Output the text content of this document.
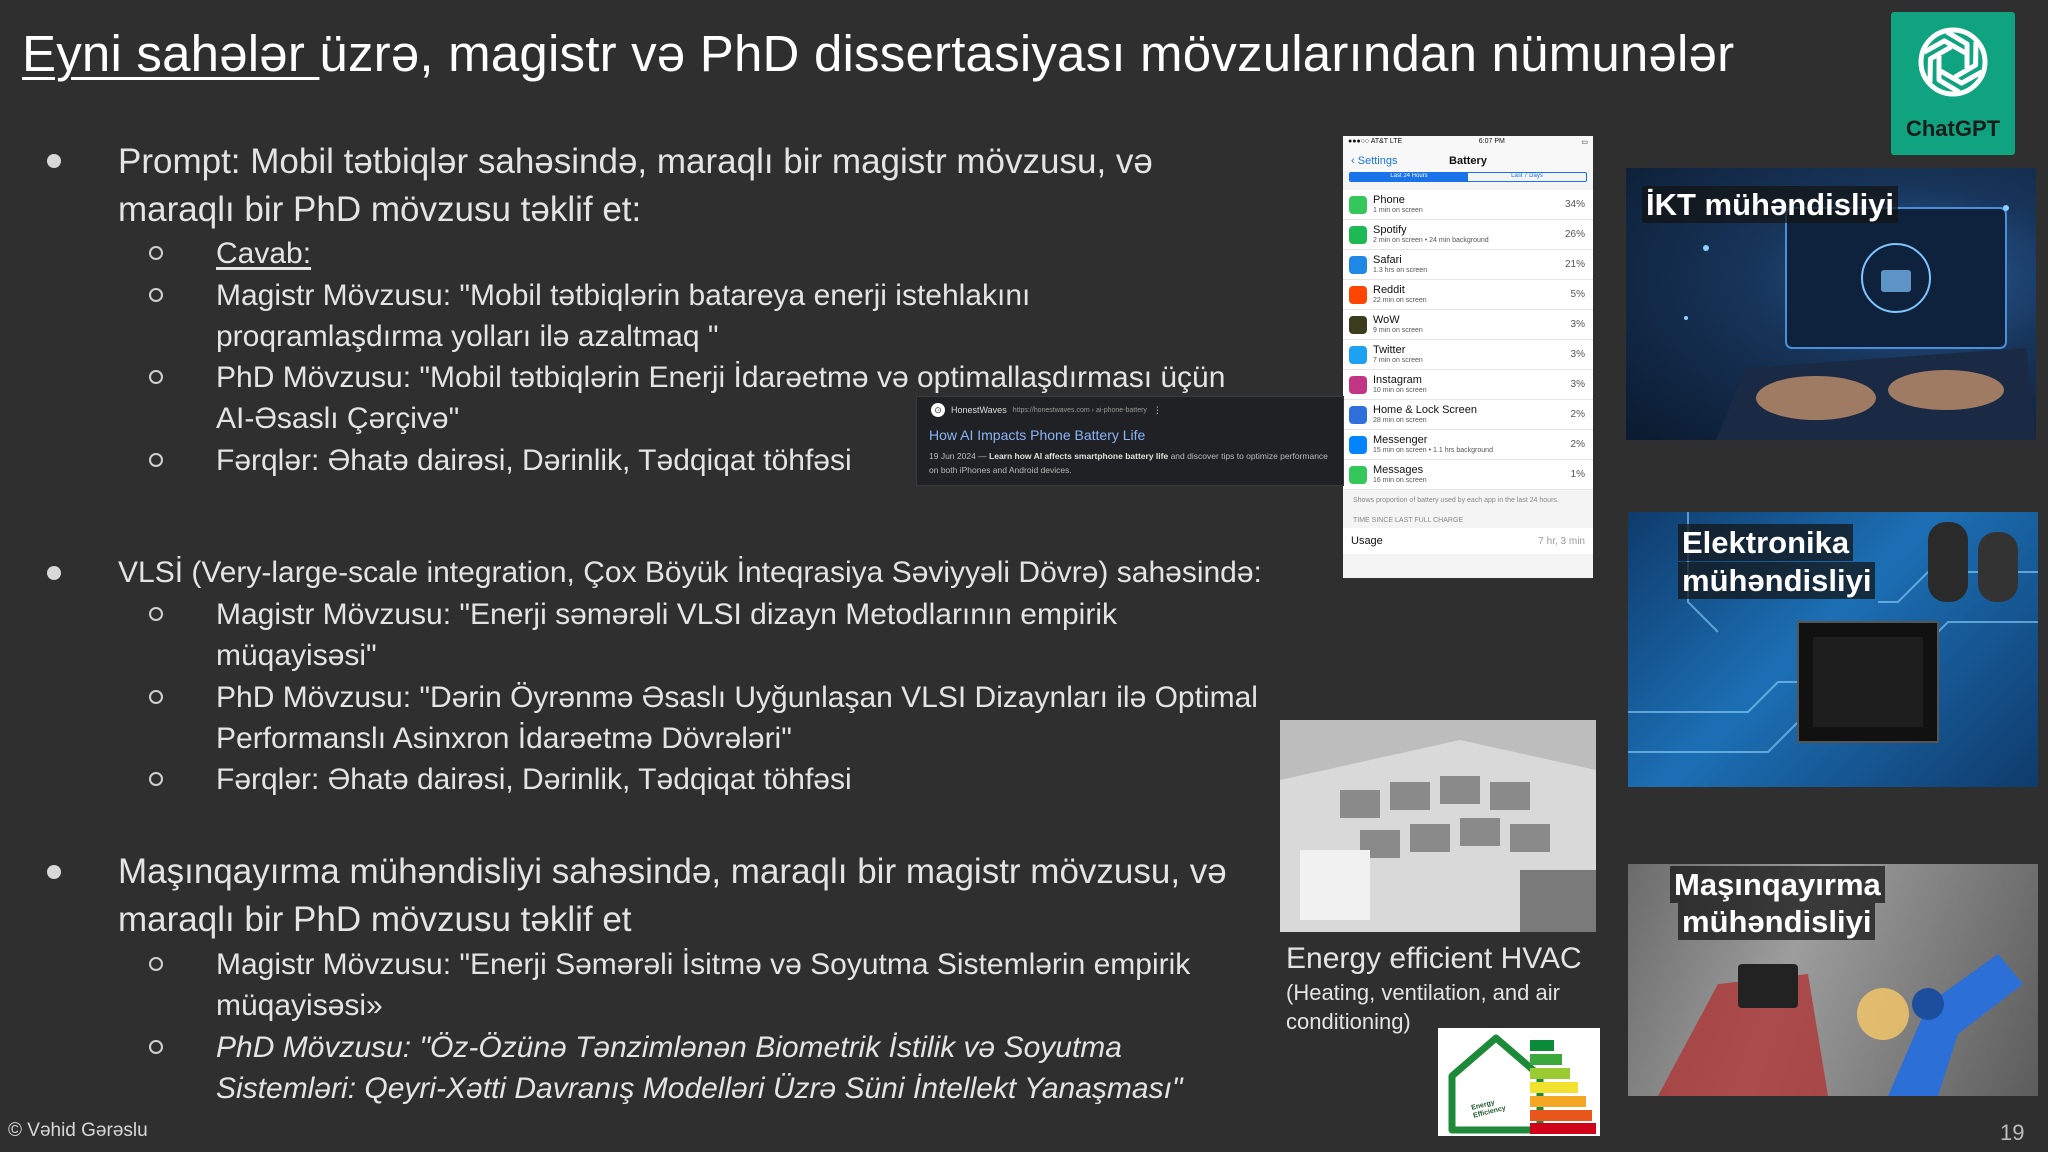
Eyni sahələr üzrə, magistr və PhD dissertasiyası mövzularından nümunələr
ChatGPT
Prompt: Mobil tətbiqlər sahəsində, maraqlı bir magistr mövzusu, və
maraqlı bir PhD mövzusu təklif et:
Cavab:
Magistr Mövzusu: "Mobil tətbiqlərin batareya enerji istehlakını
proqramlaşdırma yolları ilə azaltmaq "
PhD Mövzusu: "Mobil tətbiqlərin Enerji İdarəetmə və optimallaşdırması üçün
AI-Əsaslı Çərçivə"
Fərqlər: Əhatə dairəsi, Dərinlik, Tədqiqat töhfəsi
VLSİ (Very-large-scale integration, Çox Böyük İnteqrasiya Səviyyəli Dövrə) sahəsində:
Magistr Mövzusu: "Enerji səmərəli VLSI dizayn Metodlarının empirik
müqayisəsi"
PhD Mövzusu: "Dərin Öyrənmə Əsaslı Uyğunlaşan VLSI Dizaynları ilə Optimal
Performanslı Asinxron İdarəetmə Dövrələri"
Fərqlər: Əhatə dairəsi, Dərinlik, Tədqiqat töhfəsi
Maşınqayırma mühəndisliyi sahəsində, maraqlı bir magistr mövzusu, və
maraqlı bir PhD mövzusu təklif et
Magistr Mövzusu: "Enerji Səmərəli İsitmə və Soyutma Sistemlərin empirik
müqayisəsi»
PhD Mövzusu: "Öz-Özünə Tənzimlənən Biometrik İstilik və Soyutma
Sistemləri: Qeyri-Xətti Davranış Modelləri Üzrə Süni İntellekt Yanaşması"
●●●○○ AT&T LTE	6:07 PM	▭
‹ Settings	Battery
Last 24 Hours	Last 7 Days
Phone
1 min on screen	34%
Spotify
2 min on screen • 24 min background	26%
Safari
1.3 hrs on screen	21%
Reddit
22 min on screen	5%
WoW
9 min on screen	3%
Twitter
7 min on screen	3%
Instagram
10 min on screen	3%
Home & Lock Screen
28 min on screen	2%
Messenger
15 min on screen • 1.1 hrs background	2%
Messages
16 min on screen	1%
Shows proportion of battery used by each app in the last 24 hours.
TIME SINCE LAST FULL CHARGE
Usage	7 hr, 3 min
⊙	HonestWaves https://honestwaves.com › ai-phone-battery ⋮
How AI Impacts Phone Battery Life
19 Jun 2024 — Learn how AI affects smartphone battery life and discover tips to optimize performance on both iPhones and Android devices.
İKT mühəndisliyi
Elektronika
mühəndisliyi
Maşınqayırma
mühəndisliyi
Energy efficient HVAC
(Heating, ventilation, and air conditioning)
Energy Efficiency
© Vəhid Gərəslu	19
